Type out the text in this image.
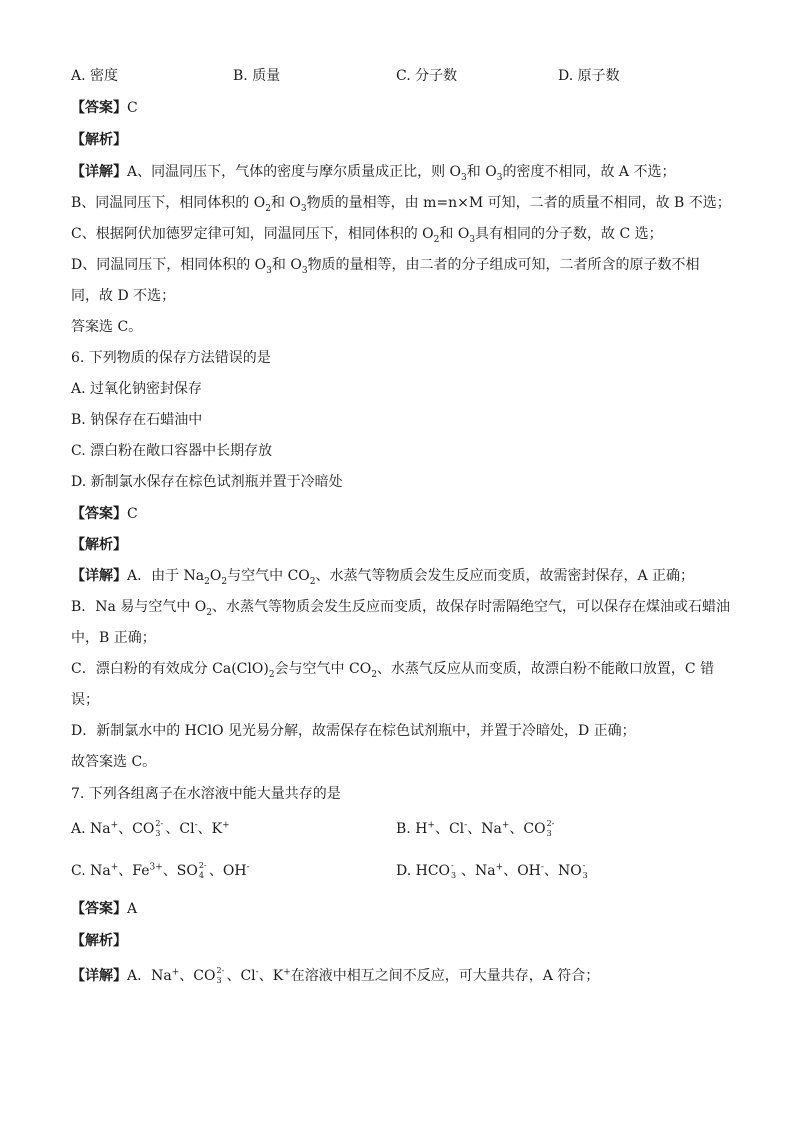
A. 密度	B. 质量	C. 分子数	D. 原子数
【答案】C
【解析】
【详解】A、同温同压下，气体的密度与摩尔质量成正比，则 $O_3$和 $O_3$的密度不相同，故 A 不选；
B、同温同压下，相同体积的 $O_2$和 $O_3$物质的量相等，由 m=n×M 可知，二者的质量不相同，故 B 不选；
C、根据阿伏加德罗定律可知，同温同压下，相同体积的 $O_2$和 $O_3$具有相同的分子数，故 C 选；
D、同温同压下，相同体积的 $O_3$和 $O_3$物质的量相等，由二者的分子组成可知，二者所含的原子数不相
同，故 D 不选；
答案选 C。
6. 下列物质的保存方法错误的是
A. 过氧化钠密封保存
B. 钠保存在石蜡油中
C. 漂白粉在敞口容器中长期存放
D. 新制氯水保存在棕色试剂瓶并置于冷暗处
【答案】C
【解析】
【详解】A．由于 $Na_2O_2$与空气中 $CO_2$、水蒸气等物质会发生反应而变质，故需密封保存，A 正确；
B．Na 易与空气中 $O_2$、水蒸气等物质会发生反应而变质，故保存时需隔绝空气，可以保存在煤油或石蜡油
中，B 正确；
C．漂白粉的有效成分 $Ca(ClO)_2$会与空气中 $CO_2$、水蒸气反应从而变质，故漂白粉不能敞口放置，C 错
误；
D．新制氯水中的 HClO 见光易分解，故需保存在棕色试剂瓶中，并置于冷暗处，D 正确；
故答案选 C。
7. 下列各组离子在水溶液中能大量共存的是
A. Na+、CO 2-
3 、Cl-、K+	B. H+、Cl-、Na+、CO 2-
3
C. Na+、$Fe^{3+}$、SO 2-
4 、OH-	D. HCO -
3 、Na+、OH-、NO -
3
【答案】A
【解析】
【详解】A．Na+、CO 2-
3 、Cl-、K+在溶液中相互之间不反应，可大量共存，A 符合；
